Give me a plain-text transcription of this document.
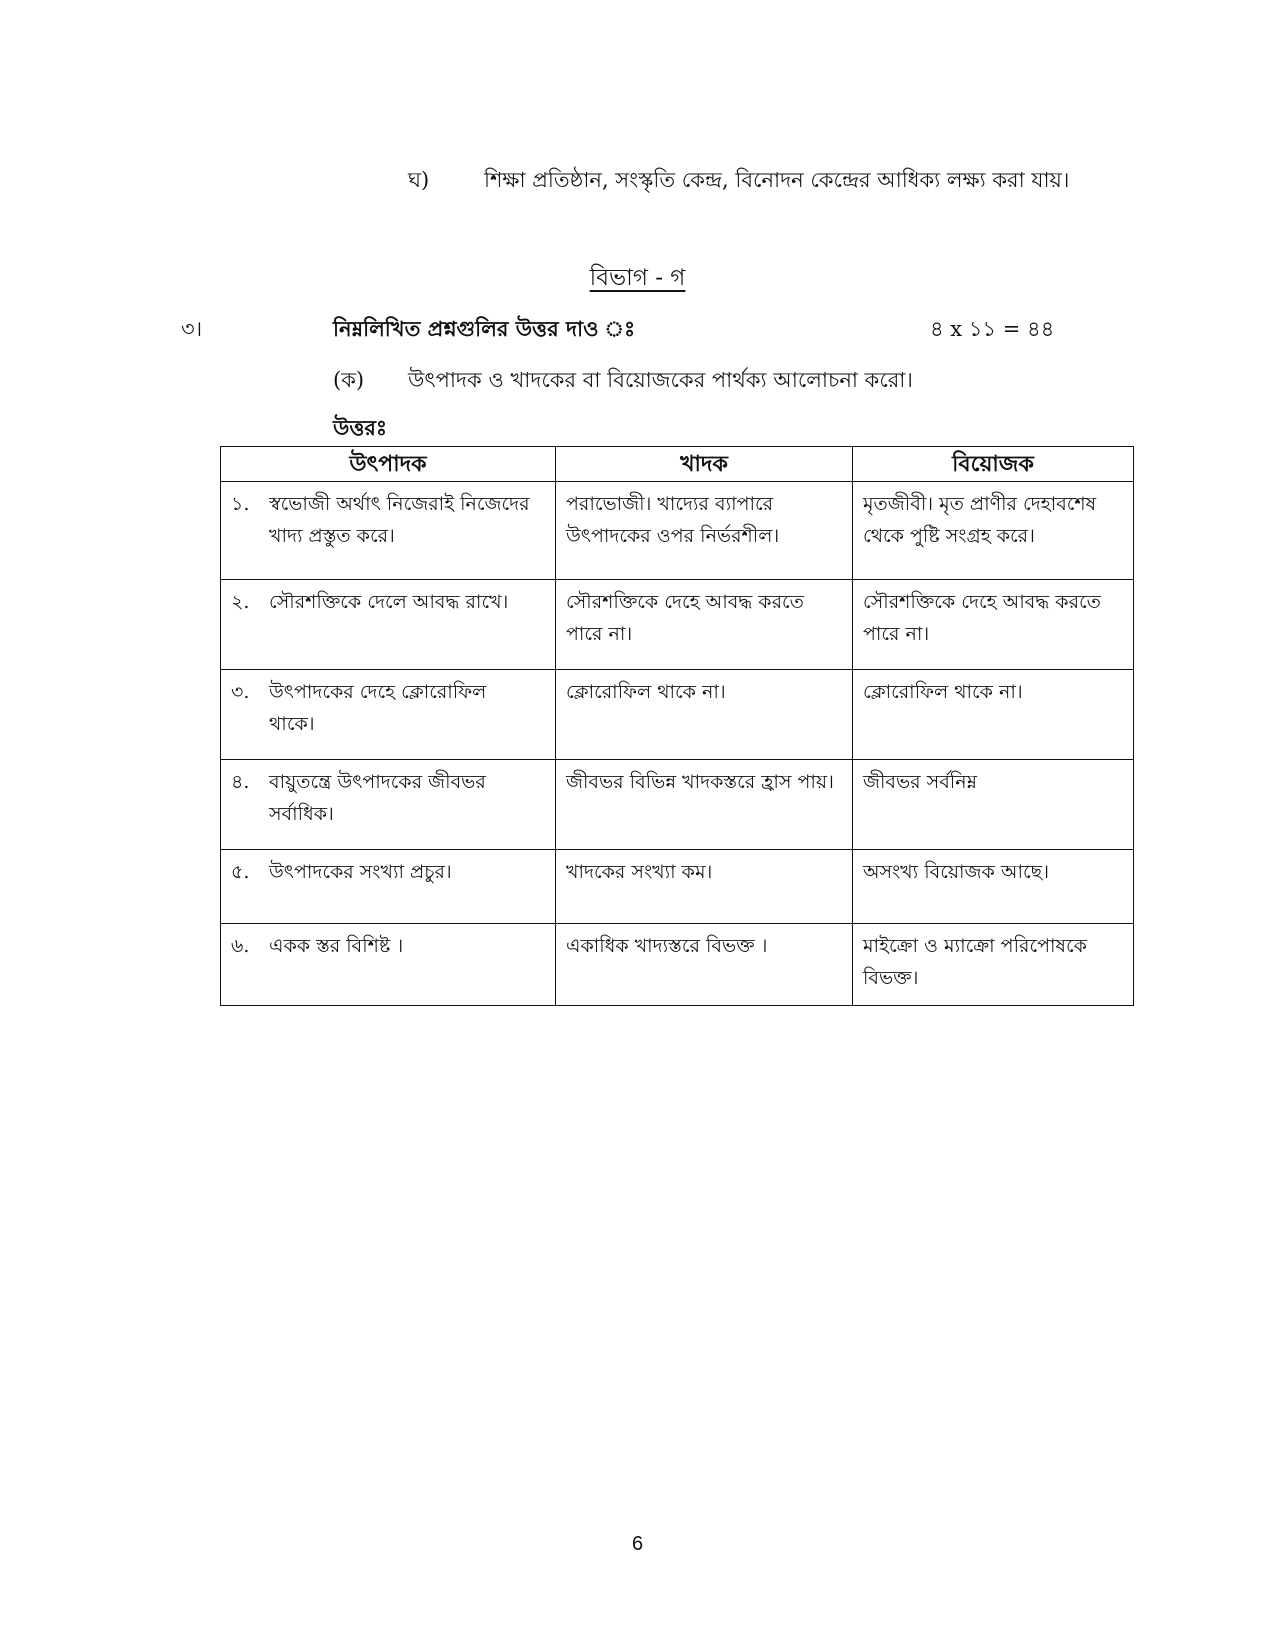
ঘ)	শিক্ষা প্রতিষ্ঠান, সংস্কৃতি কেন্দ্র, বিনোদন কেন্দ্রের আধিক্য লক্ষ্য করা যায়।
বিভাগ - গ
৩।	নিম্নলিখিত প্রশ্নগুলির উত্তর দাও ঃ	৪ x ১১ = ৪৪
(ক) উৎপাদক ও খাদকের বা বিয়োজকের পার্থক্য আলোচনা করো।
উত্তরঃ
উৎপাদক	খাদক	বিয়োজক
১. স্বভোজী অর্থাৎ নিজেরাই নিজেদের খাদ্য প্রস্তুত করে।	পরাভোজী। খাদ্যের ব্যাপারে উৎপাদকের ওপর নির্ভরশীল।	মৃতজীবী। মৃত প্রাণীর দেহাবশেষ থেকে পুষ্টি সংগ্রহ করে।
২. সৌরশক্তিকে দেলে আবদ্ধ রাখে।	সৌরশক্তিকে দেহে আবদ্ধ করতে পারে না।	সৌরশক্তিকে দেহে আবদ্ধ করতে পারে না।
৩. উৎপাদকের দেহে ক্লোরোফিল থাকে।	ক্লোরোফিল থাকে না।	ক্লোরোফিল থাকে না।
৪. বায়ুতন্ত্রে উৎপাদকের জীবভর সর্বাধিক।	জীবভর বিভিন্ন খাদকস্তরে হ্রাস পায়।	জীবভর সর্বনিম্ন
৫. উৎপাদকের সংখ্যা প্রচুর।	খাদকের সংখ্যা কম।	অসংখ্য বিয়োজক আছে।
৬. একক স্তর বিশিষ্ট ।	একাধিক খাদ্যস্তরে বিভক্ত ।	মাইক্রো ও ম্যাক্রো পরিপোষকে বিভক্ত।
6
